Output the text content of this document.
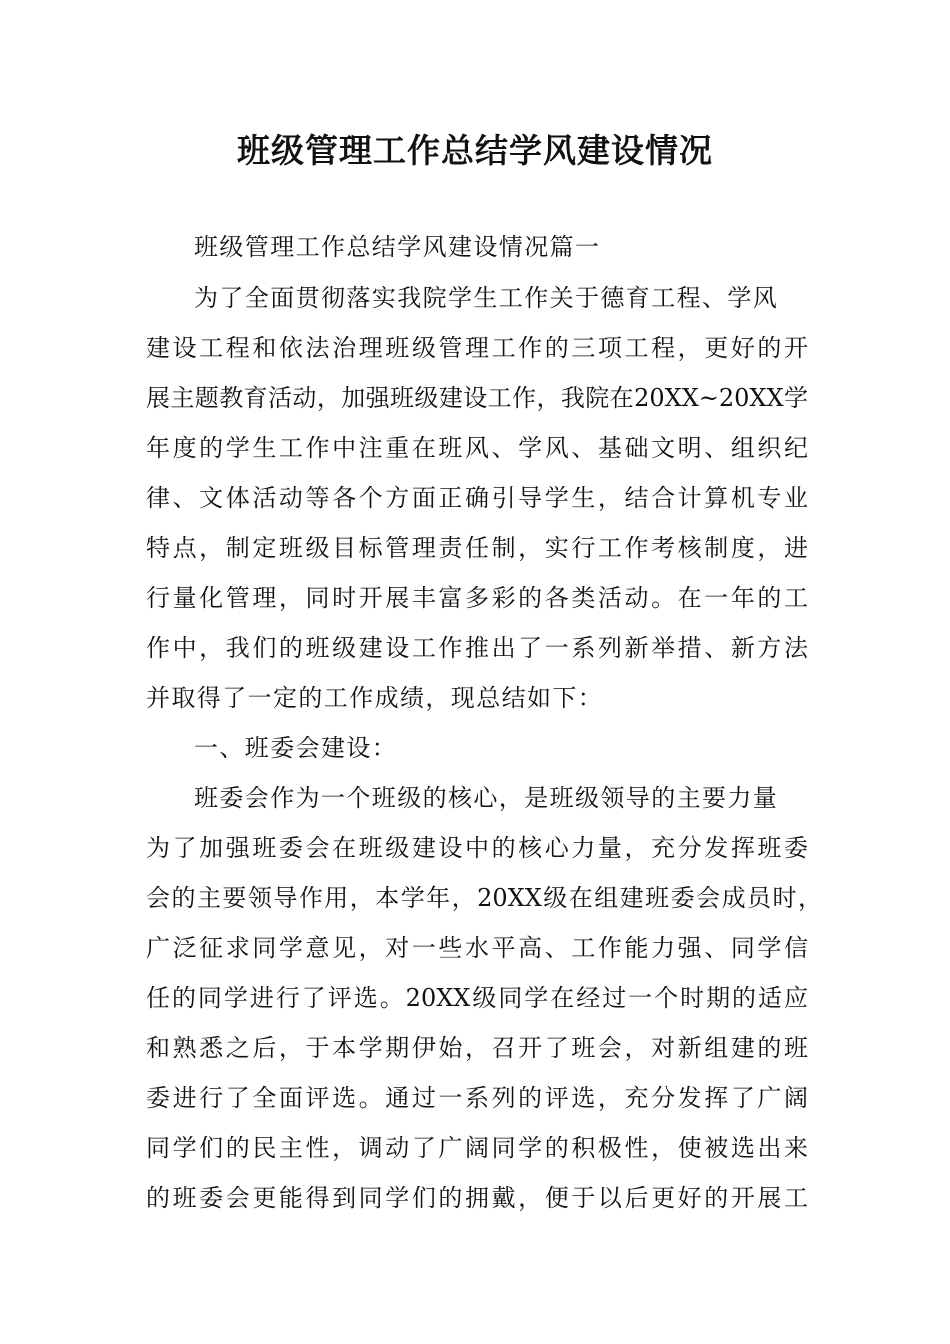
班级管理工作总结学风建设情况

班级管理工作总结学风建设情况篇一

为了全面贯彻落实我院学生工作关于德育工程、学风

建设工程和依法治理班级管理工作的三项工程，更好的开

展主题教育活动，加强班级建设工作，我院在20XX~20XX学

年度的学生工作中注重在班风、学风、基础文明、组织纪

律、文体活动等各个方面正确引导学生，结合计算机专业

特点，制定班级目标管理责任制，实行工作考核制度，进

行量化管理，同时开展丰富多彩的各类活动。在一年的工

作中，我们的班级建设工作推出了一系列新举措、新方法

并取得了一定的工作成绩，现总结如下：

一、班委会建设：

班委会作为一个班级的核心，是班级领导的主要力量

为了加强班委会在班级建设中的核心力量，充分发挥班委

会的主要领导作用，本学年，20XX级在组建班委会成员时，

广泛征求同学意见，对一些水平高、工作能力强、同学信

任的同学进行了评选。20XX级同学在经过一个时期的适应

和熟悉之后，于本学期伊始，召开了班会，对新组建的班

委进行了全面评选。通过一系列的评选，充分发挥了广阔

同学们的民主性，调动了广阔同学的积极性，使被选出来

的班委会更能得到同学们的拥戴，便于以后更好的开展工
